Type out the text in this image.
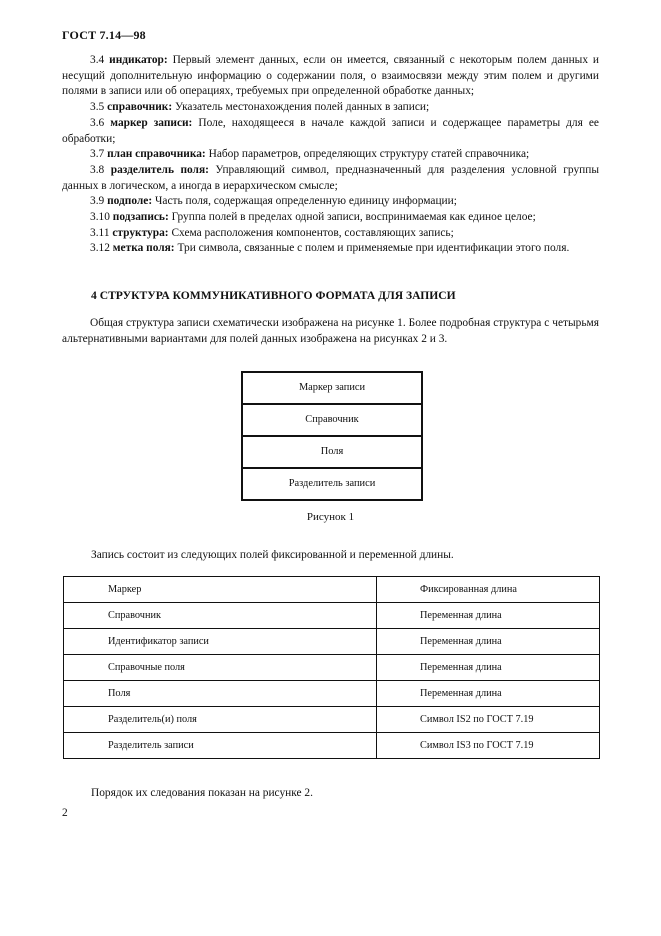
ГОСТ 7.14—98

3.4 индикатор: Первый элемент данных, если он имеется, связанный с некоторым полем данных и несущий дополнительную информацию о содержании поля, о взаимосвязи между этим полем и другими полями в записи или об операциях, требуемых при определенной обработке данных;

3.5 справочник: Указатель местонахождения полей данных в записи;

3.6 маркер записи: Поле, находящееся в начале каждой записи и содержащее параметры для ее обработки;

3.7 план справочника: Набор параметров, определяющих структуру статей справочника;

3.8 разделитель поля: Управляющий символ, предназначенный для разделения условной группы данных в логическом, а иногда в иерархическом смысле;

3.9 подполе: Часть поля, содержащая определенную единицу информации;

3.10 подзапись: Группа полей в пределах одной записи, воспринимаемая как единое целое;

3.11 структура: Схема расположения компонентов, составляющих запись;

3.12 метка поля: Три символа, связанные с полем и применяемые при идентификации этого поля.

4 СТРУКТУРА КОММУНИКАТИВНОГО ФОРМАТА ДЛЯ ЗАПИСИ

Общая структура записи схематически изображена на рисунке 1. Более подробная структура с четырьмя альтернативными вариантами для полей данных изображена на рисунках 2 и 3.

Маркер записи
Справочник
Поля
Разделитель записи
Рисунок 1

Запись состоит из следующих полей фиксированной и переменной длины.

Маркер	Фиксированная длина
Справочник	Переменная длина
Идентификатор записи	Переменная длина
Справочные поля	Переменная длина
Поля	Переменная длина
Разделитель(и) поля	Символ IS2 по ГОСТ 7.19
Разделитель записи	Символ IS3 по ГОСТ 7.19

Порядок их следования показан на рисунке 2.

2
